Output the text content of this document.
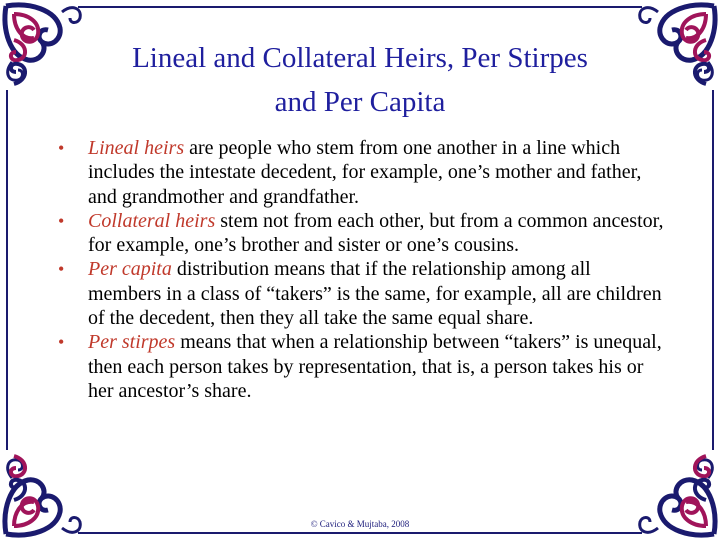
Lineal and Collateral Heirs, Per Stirpes
and Per Capita
• Lineal heirs are people who stem from one another in a line which includes the intestate decedent, for example, one’s mother and father, and grandmother and grandfather.
• Collateral heirs stem not from each other, but from a common ancestor, for example, one’s brother and sister or one’s cousins.
• Per capita distribution means that if the relationship among all members in a class of “takers” is the same, for example, all are children of the decedent, then they all take the same equal share.
• Per stirpes means that when a relationship between “takers” is unequal, then each person takes by representation, that is, a person takes his or her ancestor’s share.
© Cavico & Mujtaba, 2008
